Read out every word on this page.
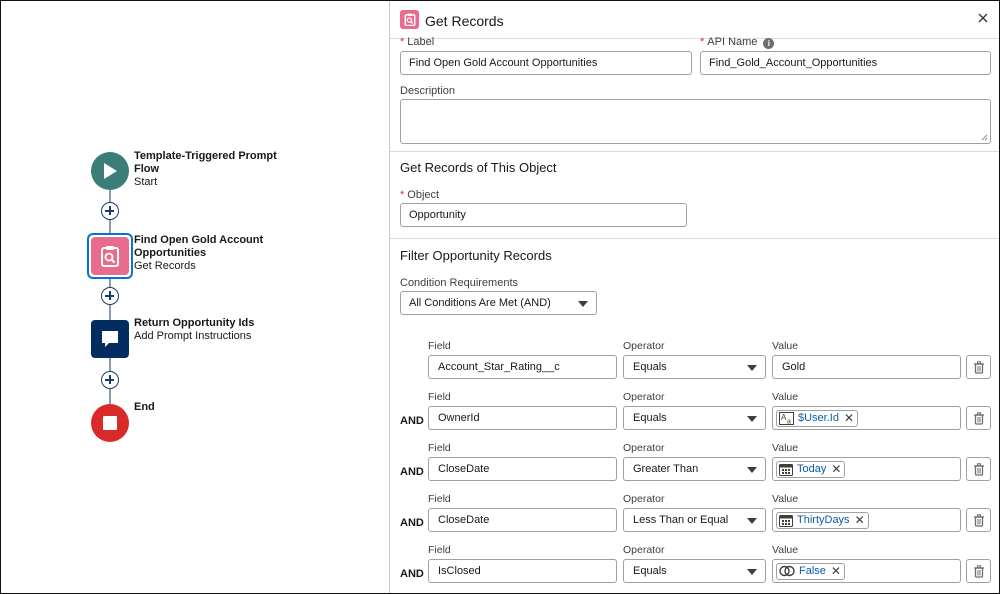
Template-Triggered Prompt Flow
Start
Find Open Gold Account Opportunities
Get Records
Return Opportunity Ids
Add Prompt Instructions
End
Get Records
* Label
Find Open Gold Account Opportunities
* API Name i
Find_Gold_Account_Opportunities
Description
Get Records of This Object
* Object
Opportunity
Filter Opportunity Records
Condition Requirements
All Conditions Are Met (AND)
Field	Operator	Value
Account_Star_Rating__c	Equals	Gold
AND
Field	Operator	Value
OwnerId	Equals	A a $User.Id ✕
AND
Field	Operator	Value
CloseDate	Greater Than	Today ✕
AND
Field	Operator	Value
CloseDate	Less Than or Equal	ThirtyDays ✕
AND
Field	Operator	Value
IsClosed	Equals	False ✕
